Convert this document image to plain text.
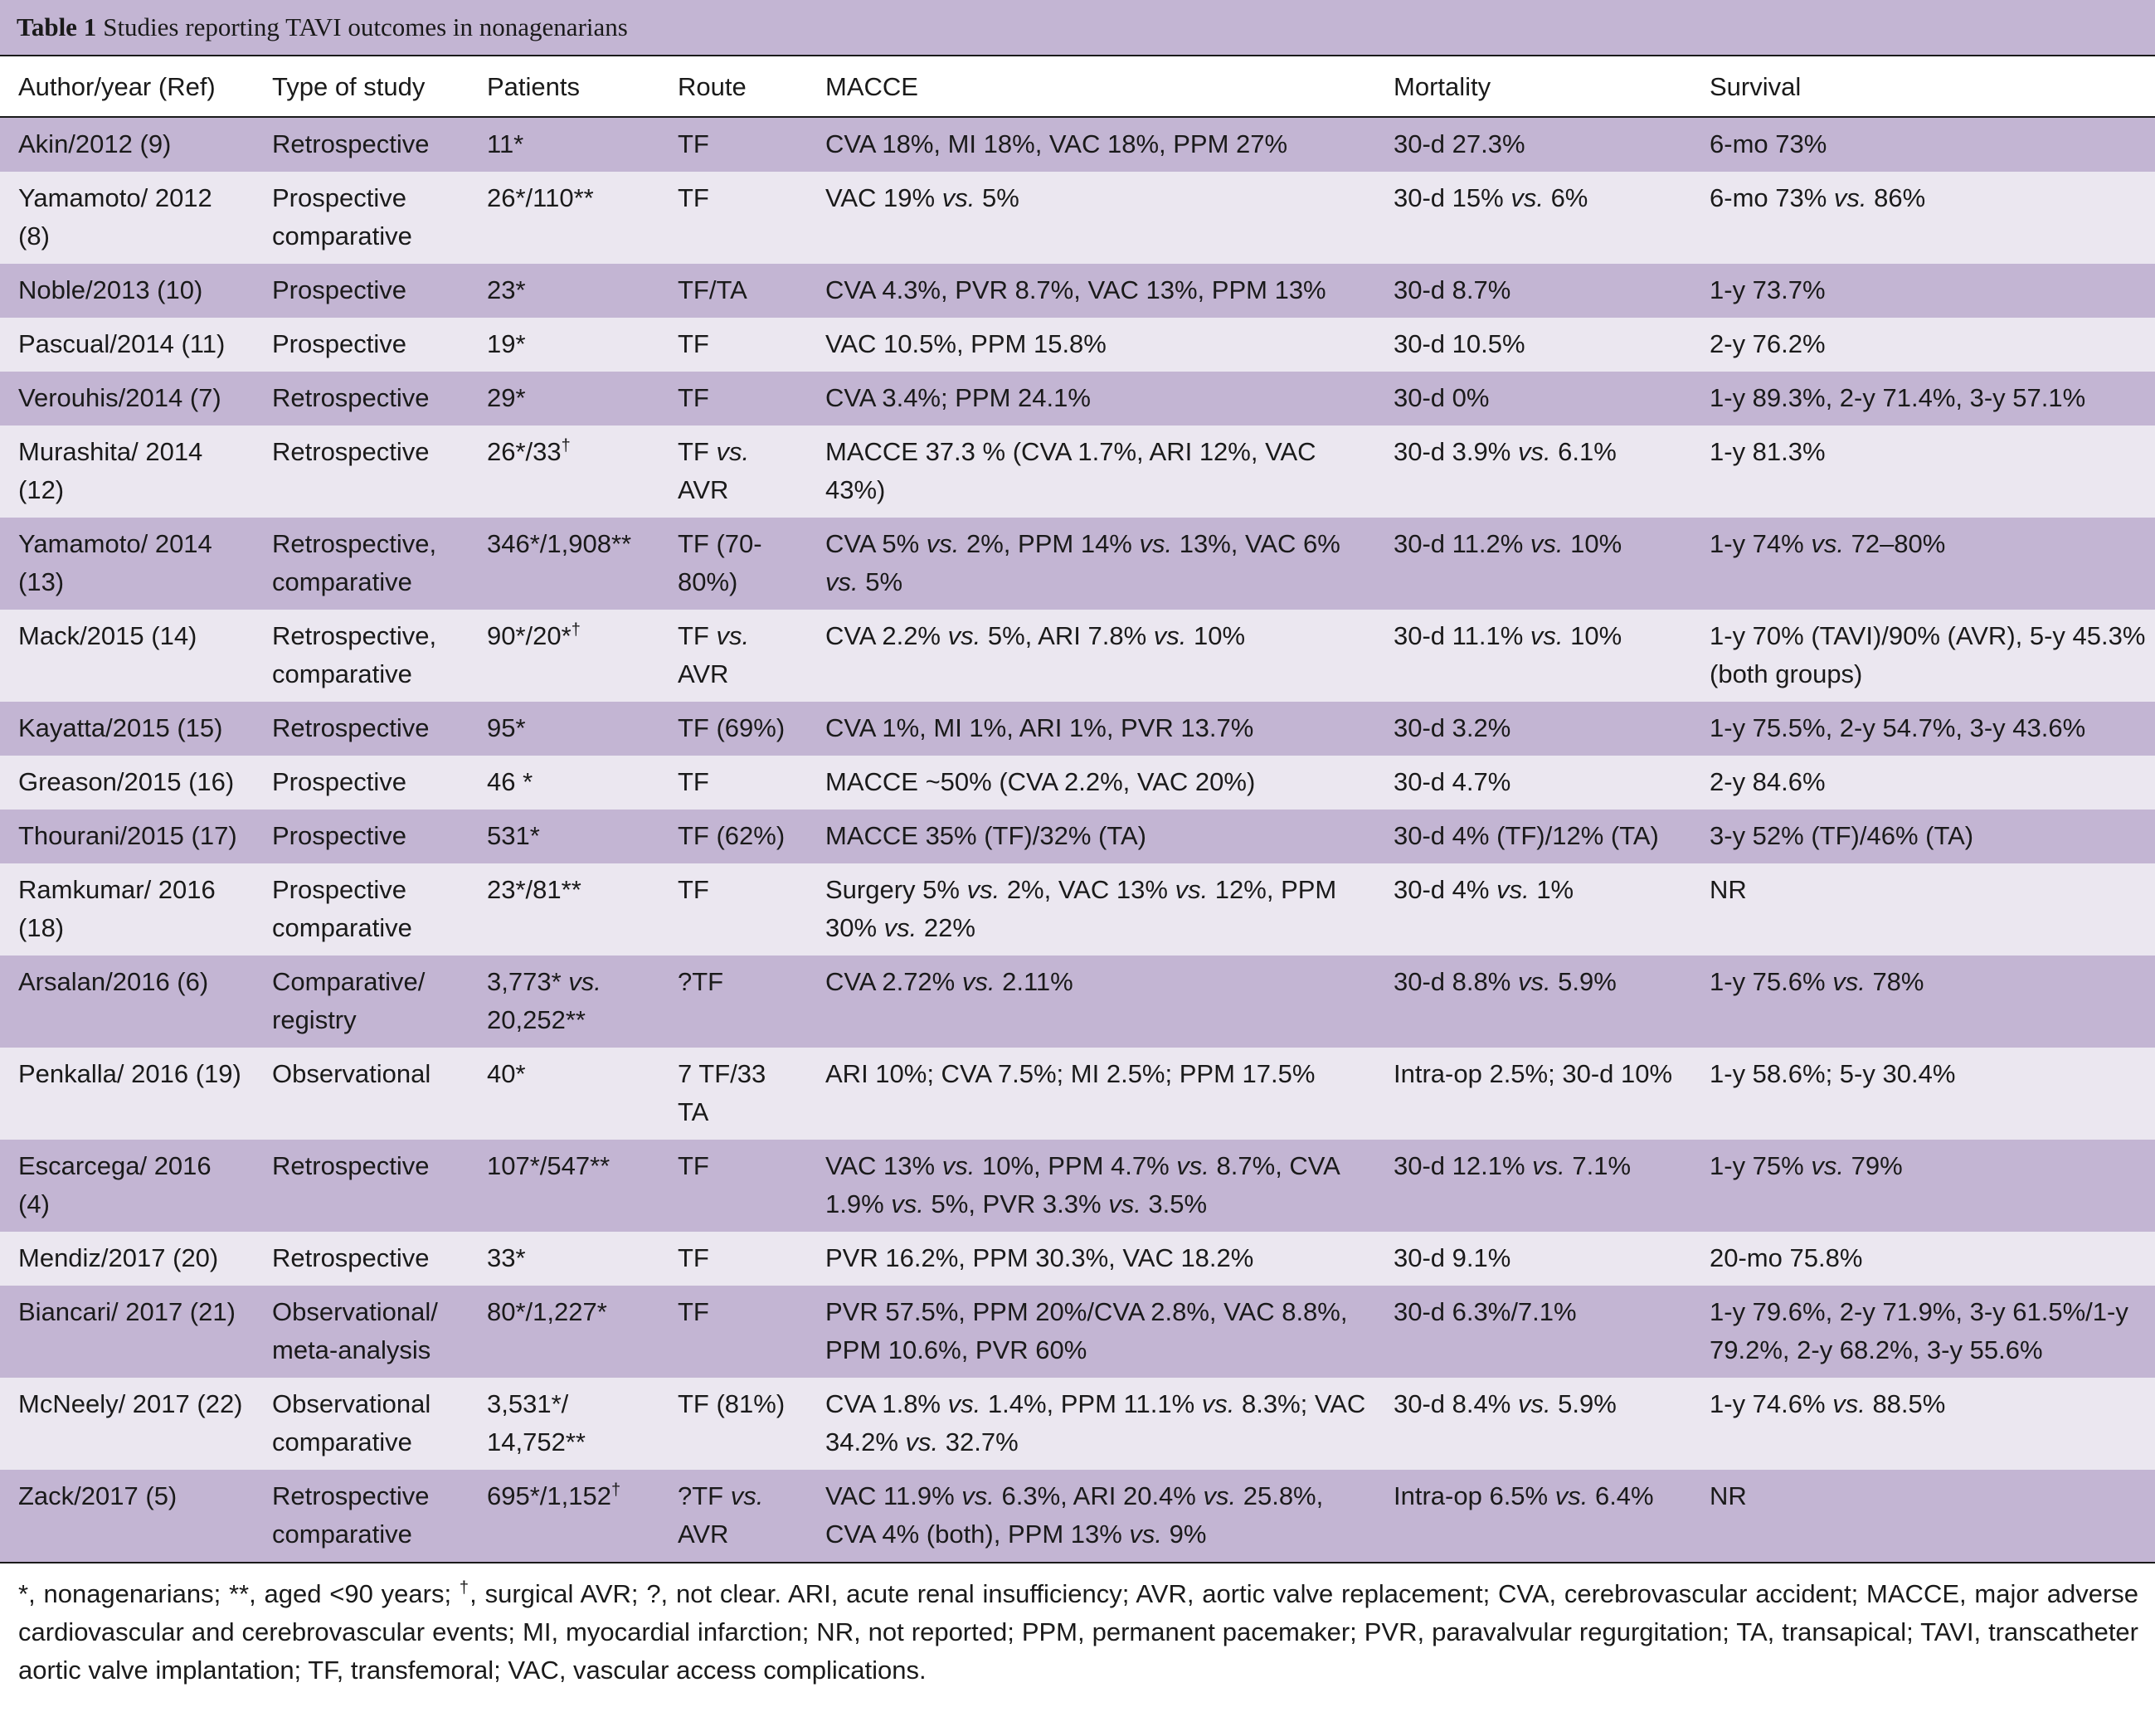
Table 1 Studies reporting TAVI outcomes in nonagenarians
Author/year (Ref)	Type of study	Patients	Route	MACCE	Mortality	Survival
Akin/2012 (9)	Retrospective	11*	TF	CVA 18%, MI 18%, VAC 18%, PPM 27%	30-d 27.3%	6-mo 73%
Yamamoto/ 2012 (8)	Prospective comparative	26*/110**	TF	VAC 19% vs. 5%	30-d 15% vs. 6%	6-mo 73% vs. 86%
Noble/2013 (10)	Prospective	23*	TF/TA	CVA 4.3%, PVR 8.7%, VAC 13%, PPM 13%	30-d 8.7%	1-y 73.7%
Pascual/2014 (11)	Prospective	19*	TF	VAC 10.5%, PPM 15.8%	30-d 10.5%	2-y 76.2%
Verouhis/2014 (7)	Retrospective	29*	TF	CVA 3.4%; PPM 24.1%	30-d 0%	1-y 89.3%, 2-y 71.4%, 3-y 57.1%
Murashita/ 2014 (12)	Retrospective	26*/33†	TF vs. AVR	MACCE 37.3 % (CVA 1.7%, ARI 12%, VAC 43%)	30-d 3.9% vs. 6.1%	1-y 81.3%
Yamamoto/ 2014 (13)	Retrospective, comparative	346*/1,908**	TF (70-80%)	CVA 5% vs. 2%, PPM 14% vs. 13%, VAC 6% vs. 5%	30-d 11.2% vs. 10%	1-y 74% vs. 72–80%
Mack/2015 (14)	Retrospective, comparative	90*/20*†	TF vs. AVR	CVA 2.2% vs. 5%, ARI 7.8% vs. 10%	30-d 11.1% vs. 10%	1-y 70% (TAVI)/90% (AVR), 5-y 45.3% (both groups)
Kayatta/2015 (15)	Retrospective	95*	TF (69%)	CVA 1%, MI 1%, ARI 1%, PVR 13.7%	30-d 3.2%	1-y 75.5%, 2-y 54.7%, 3-y 43.6%
Greason/2015 (16)	Prospective	46 *	TF	MACCE ~50% (CVA 2.2%, VAC 20%)	30-d 4.7%	2-y 84.6%
Thourani/2015 (17)	Prospective	531*	TF (62%)	MACCE 35% (TF)/32% (TA)	30-d 4% (TF)/12% (TA)	3-y 52% (TF)/46% (TA)
Ramkumar/ 2016 (18)	Prospective comparative	23*/81**	TF	Surgery 5% vs. 2%, VAC 13% vs. 12%, PPM 30% vs. 22%	30-d 4% vs. 1%	NR
Arsalan/2016 (6)	Comparative/ registry	3,773* vs. 20,252**	?TF	CVA 2.72% vs. 2.11%	30-d 8.8% vs. 5.9%	1-y 75.6% vs. 78%
Penkalla/ 2016 (19)	Observational	40*	7 TF/33 TA	ARI 10%; CVA 7.5%; MI 2.5%; PPM 17.5%	Intra-op 2.5%; 30-d 10%	1-y 58.6%; 5-y 30.4%
Escarcega/ 2016 (4)	Retrospective	107*/547**	TF	VAC 13% vs. 10%, PPM 4.7% vs. 8.7%, CVA 1.9% vs. 5%, PVR 3.3% vs. 3.5%	30-d 12.1% vs. 7.1%	1-y 75% vs. 79%
Mendiz/2017 (20)	Retrospective	33*	TF	PVR 16.2%, PPM 30.3%, VAC 18.2%	30-d 9.1%	20-mo 75.8%
Biancari/ 2017 (21)	Observational/ meta-analysis	80*/1,227*	TF	PVR 57.5%, PPM 20%/CVA 2.8%, VAC 8.8%, PPM 10.6%, PVR 60%	30-d 6.3%/7.1%	1-y 79.6%, 2-y 71.9%, 3-y 61.5%/1-y 79.2%, 2-y 68.2%, 3-y 55.6%
McNeely/ 2017 (22)	Observational comparative	3,531*/ 14,752**	TF (81%)	CVA 1.8% vs. 1.4%, PPM 11.1% vs. 8.3%; VAC 34.2% vs. 32.7%	30-d 8.4% vs. 5.9%	1-y 74.6% vs. 88.5%
Zack/2017 (5)	Retrospective comparative	695*/1,152†	?TF vs. AVR	VAC 11.9% vs. 6.3%, ARI 20.4% vs. 25.8%, CVA 4% (both), PPM 13% vs. 9%	Intra-op 6.5% vs. 6.4%	NR
*, nonagenarians; **, aged <90 years; †, surgical AVR; ?, not clear. ARI, acute renal insufficiency; AVR, aortic valve replacement; CVA, cerebrovascular accident; MACCE, major adverse cardiovascular and cerebrovascular events; MI, myocardial infarction; NR, not reported; PPM, permanent pacemaker; PVR, paravalvular regurgitation; TA, transapical; TAVI, transcatheter aortic valve implantation; TF, transfemoral; VAC, vascular access complications.
